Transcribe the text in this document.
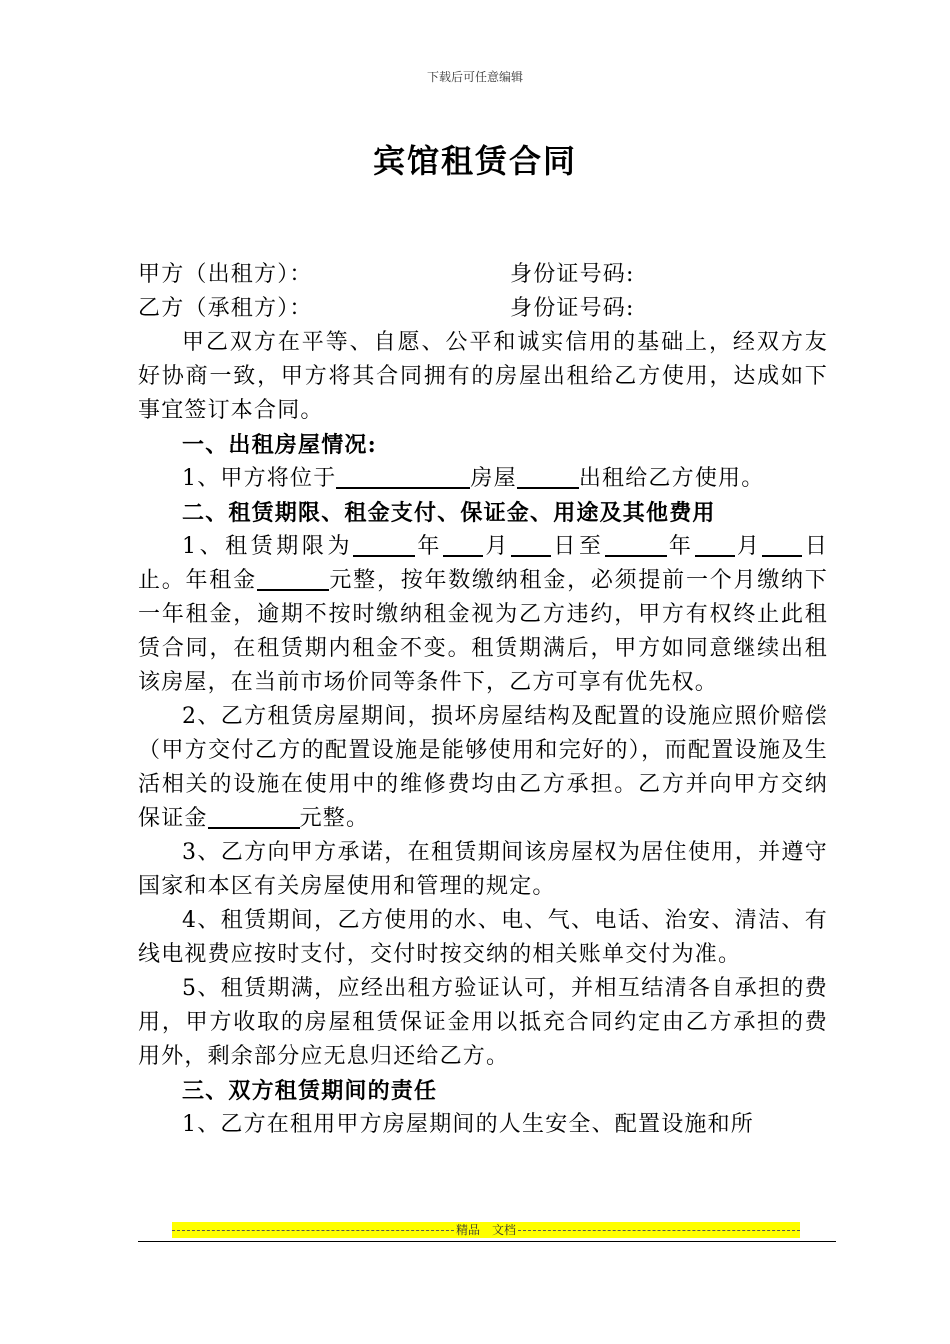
下载后可任意编辑
宾馆租赁合同
甲方（出租方）：	身份证号码:
乙方（承租方）：	身份证号码:

甲乙双方在平等、自愿、公平和诚实信用的基础上，经双方友好协商一致，甲方将其合同拥有的房屋出租给乙方使用，达成如下事宜签订本合同。

一、出租房屋情况:

1、甲方将位于	房屋	出租给乙方使用。

二、租赁期限、租金支付、保证金、用途及其他费用

1、租赁期限为	年 月 日至	年 月 日止。年租金	元整，按年数缴纳租金，必须提前一个月缴纳下一年租金，逾期不按时缴纳租金视为乙方违约，甲方有权终止此租赁合同，在租赁期内租金不变。租赁期满后，甲方如同意继续出租该房屋，在当前市场价同等条件下，乙方可享有优先权。

2、乙方租赁房屋期间，损坏房屋结构及配置的设施应照价赔偿（甲方交付乙方的配置设施是能够使用和完好的），而配置设施及生活相关的设施在使用中的维修费均由乙方承担。乙方并向甲方交纳保证金	元整。

3、乙方向甲方承诺，在租赁期间该房屋权为居住使用，并遵守国家和本区有关房屋使用和管理的规定。

4、租赁期间，乙方使用的水、电、气、电话、治安、清洁、有线电视费应按时支付，交付时按交纳的相关账单交付为准。

5、租赁期满，应经出租方验证认可，并相互结清各自承担的费用，甲方收取的房屋租赁保证金用以抵充合同约定由乙方承担的费用外，剩余部分应无息归还给乙方。

三、双方租赁期间的责任

1、乙方在租用甲方房屋期间的人生安全、配置设施和所

精品　文档
